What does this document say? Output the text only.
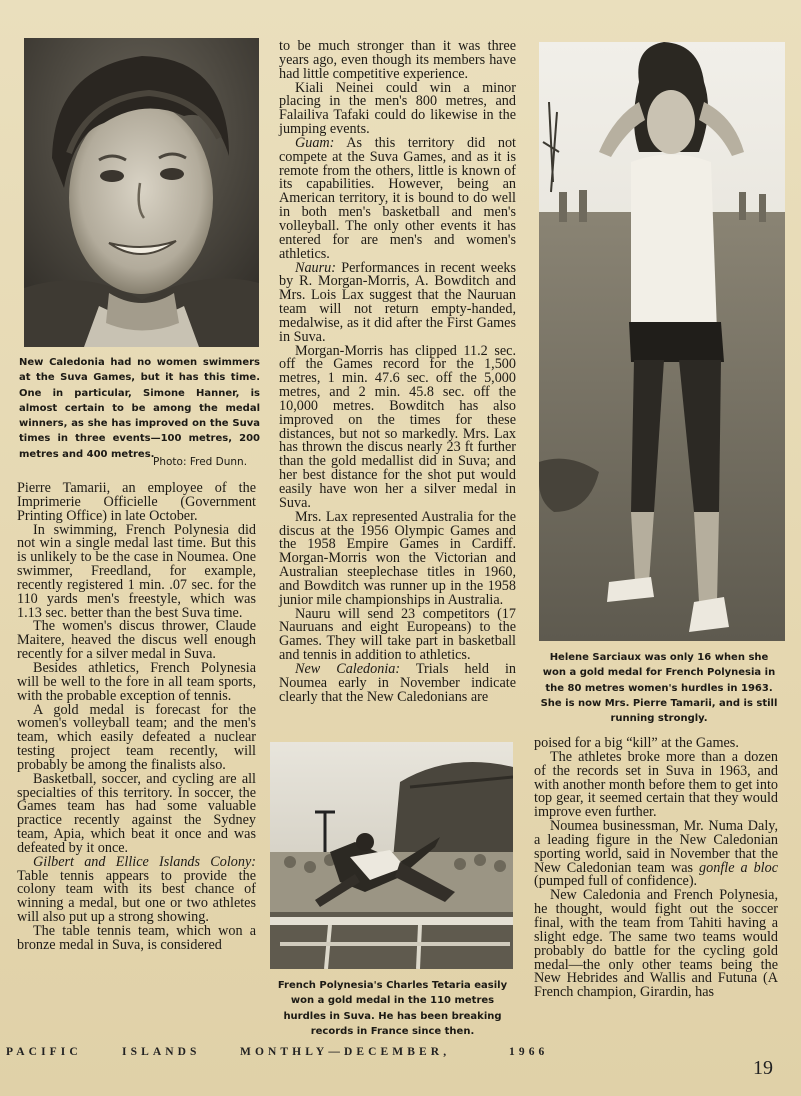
New Caledonia had no women swimmers at the Suva Games, but it has this time. One in particular, Simone Hanner, is almost certain to be among the medal winners, as she has improved on the Suva times in three events—100 metres, 200 metres and 400 metres.
Photo: Fred Dunn.

Pierre Tamarii, an employee of the Imprimerie Officielle (Government Printing Office) in late October.

In swimming, French Polynesia did not win a single medal last time. But this is unlikely to be the case in Noumea. One swimmer, Freedland, for example, recently registered 1 min. .07 sec. for the 110 yards men's freestyle, which was 1.13 sec. better than the best Suva time.

The women's discus thrower, Claude Maitere, heaved the discus well enough recently for a silver medal in Suva.

Besides athletics, French Polynesia will be well to the fore in all team sports, with the probable exception of tennis.

A gold medal is forecast for the women's volleyball team; and the men's team, which easily defeated a nuclear testing project team recently, will probably be among the finalists also.

Basketball, soccer, and cycling are all specialties of this territory. In soccer, the Games team has had some valuable practice recently against the Sydney team, Apia, which beat it once and was defeated by it once.

Gilbert and Ellice Islands Colony: Table tennis appears to provide the colony team with its best chance of winning a medal, but one or two athletes will also put up a strong showing.

The table tennis team, which won a bronze medal in Suva, is considered

to be much stronger than it was three years ago, even though its members have had little competitive experience.

Kiali Neinei could win a minor placing in the men's 800 metres, and Falailiva Tafaki could do likewise in the jumping events.

Guam: As this territory did not compete at the Suva Games, and as it is remote from the others, little is known of its capabilities. However, being an American territory, it is bound to do well in both men's basketball and men's volleyball. The only other events it has entered for are men's and women's athletics.

Nauru: Performances in recent weeks by R. Morgan-Morris, A. Bowditch and Mrs. Lois Lax suggest that the Nauruan team will not return empty-handed, medalwise, as it did after the First Games in Suva.

Morgan-Morris has clipped 11.2 sec. off the Games record for the 1,500 metres, 1 min. 47.6 sec. off the 5,000 metres, and 2 min. 45.8 sec. off the 10,000 metres. Bowditch has also improved on the times for these distances, but not so markedly. Mrs. Lax has thrown the discus nearly 23 ft further than the gold medallist did in Suva; and her best distance for the shot put would easily have won her a silver medal in Suva.

Mrs. Lax represented Australia for the discus at the 1956 Olympic Games and the 1958 Empire Games in Cardiff. Morgan-Morris won the Victorian and Australian steeplechase titles in 1960, and Bowditch was runner up in the 1958 junior mile championships in Australia.

Nauru will send 23 competitors (17 Nauruans and eight Europeans) to the Games. They will take part in basketball and tennis in addition to athletics.

New Caledonia: Trials held in Noumea early in November indicate clearly that the New Caledonians are

French Polynesia's Charles Tetaria easily won a gold medal in the 110 metres hurdles in Suva. He has been breaking records in France since then.
Helene Sarciaux was only 16 when she won a gold medal for French Polynesia in the 80 metres women's hurdles in 1963. She is now Mrs. Pierre Tamarii, and is still running strongly.

poised for a big “kill” at the Games.

The athletes broke more than a dozen of the records set in Suva in 1963, and with another month before them to get into top gear, it seemed certain that they would improve even further.

Noumea businessman, Mr. Numa Daly, a leading figure in the New Caledonian sporting world, said in November that the New Caledonian team was gonfle a bloc (pumped full of confidence).

New Caledonia and French Polynesia, he thought, would fight out the soccer final, with the team from Tahiti having a slight edge. The same two teams would probably do battle for the cycling gold medal—the only other teams being the New Hebrides and Wallis and Futuna (A French champion, Girardin, has

PACIFIC	ISLANDS	MONTHLY—DECEMBER,	1966
19
